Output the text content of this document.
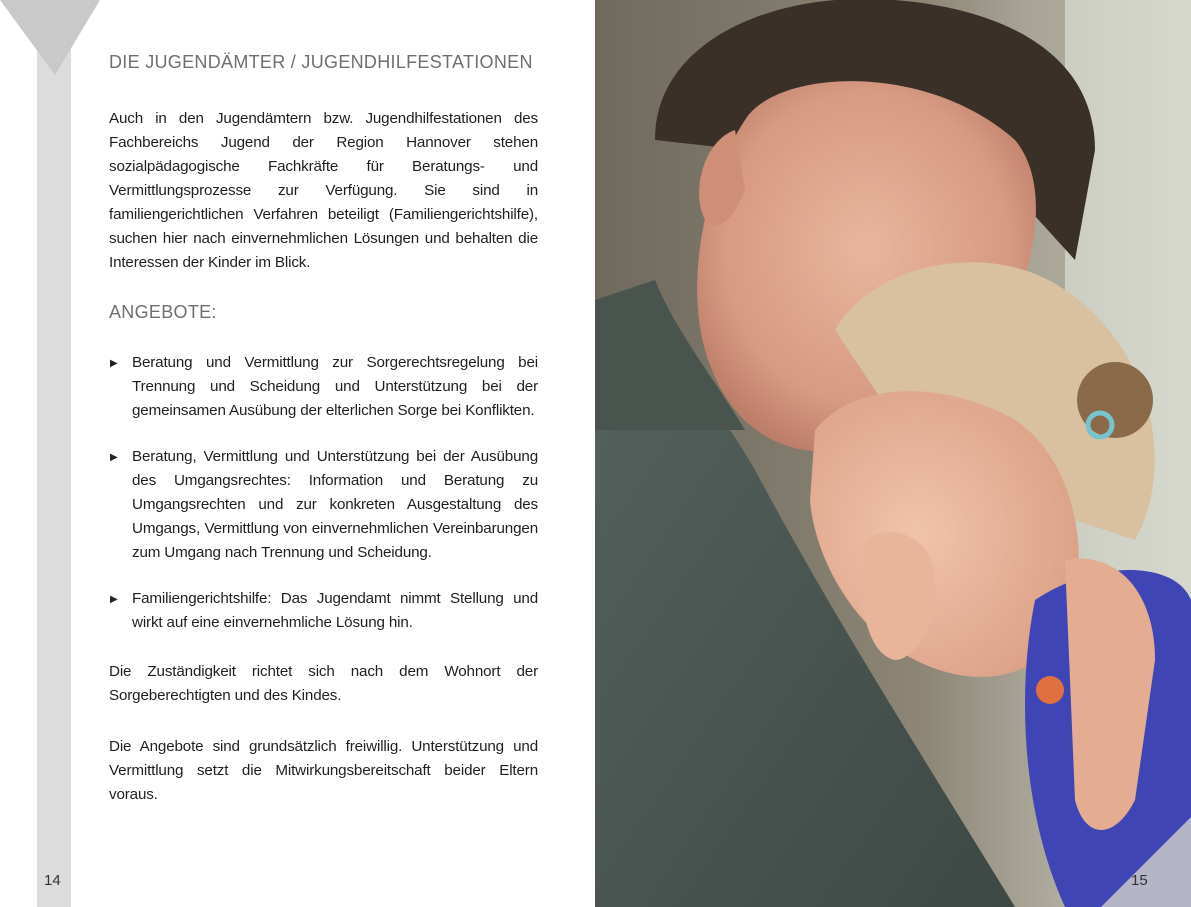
DIE JUGENDÄMTER / JUGENDHILFESTATIONEN

Auch in den Jugendämtern bzw. Jugendhilfestationen des Fachbereichs Jugend der Region Hannover stehen sozialpädagogische Fachkräfte für Beratungs- und Vermittlungsprozesse zur Verfügung. Sie sind in familiengerichtlichen Verfahren beteiligt (Familiengerichtshilfe), suchen hier nach einvernehmlichen Lösungen und behalten die Interessen der Kinder im Blick.

ANGEBOTE:
▶ Beratung und Vermittlung zur Sorgerechtsregelung bei Trennung und Scheidung und Unterstützung bei der gemeinsamen Ausübung der elterlichen Sorge bei Konflikten.
▶ Beratung, Vermittlung und Unterstützung bei der Ausübung des Umgangsrechtes: Information und Beratung zu Umgangsrechten und zur konkreten Ausgestaltung des Umgangs, Vermittlung von einvernehmlichen Vereinbarungen zum Umgang nach Trennung und Scheidung.
▶ Familiengerichtshilfe: Das Jugendamt nimmt Stellung und wirkt auf eine einvernehmliche Lösung hin.

Die Zuständigkeit richtet sich nach dem Wohnort der Sorgeberechtigten und des Kindes.

Die Angebote sind grundsätzlich freiwillig. Unterstützung und Vermittlung setzt die Mitwirkungsbereitschaft beider Eltern voraus.

14	15
